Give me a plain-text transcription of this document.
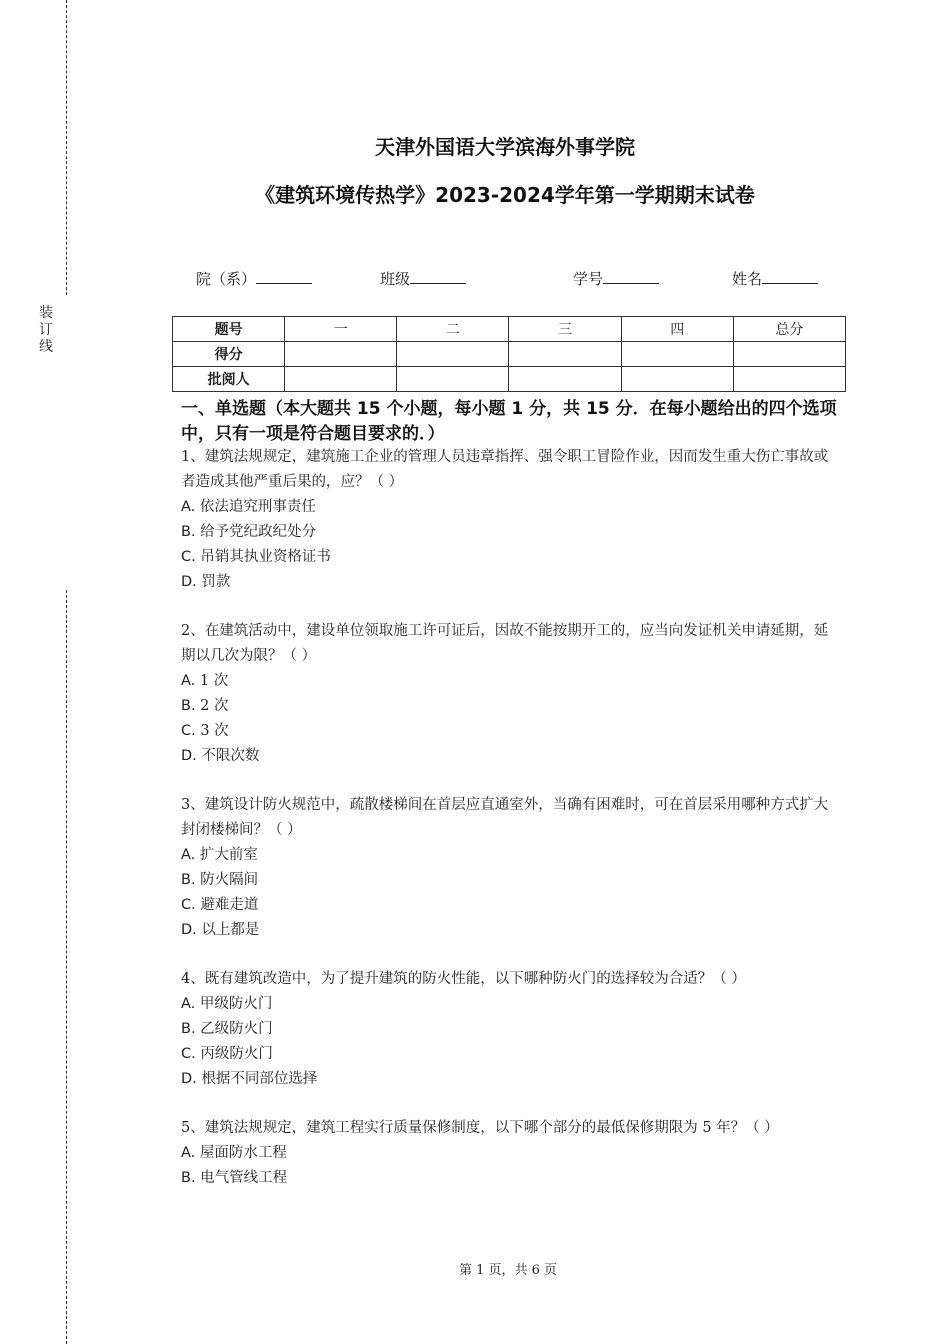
装
订
线
天津外国语大学滨海外事学院
《建筑环境传热学》2023-2024学年第一学期期末试卷
院（系）	班级	学号	姓名
题号	一	二	三	四	总分
得分					
批阅人					
一、单选题（本大题共 15 个小题，每小题 1 分，共 15 分．在每小题给出的四个选项中，只有一项是符合题目要求的．）
1、建筑法规规定，建筑施工企业的管理人员违章指挥、强令职工冒险作业，因而发生重大伤亡事故或者造成其他严重后果的，应？（ ）
A. 依法追究刑事责任
B. 给予党纪政纪处分
C. 吊销其执业资格证书
D. 罚款
2、在建筑活动中，建设单位领取施工许可证后，因故不能按期开工的，应当向发证机关申请延期，延期以几次为限？（ ）
A. 1 次
B. 2 次
C. 3 次
D. 不限次数
3、建筑设计防火规范中，疏散楼梯间在首层应直通室外，当确有困难时，可在首层采用哪种方式扩大封闭楼梯间？（ ）
A. 扩大前室
B. 防火隔间
C. 避难走道
D. 以上都是
4、既有建筑改造中，为了提升建筑的防火性能，以下哪种防火门的选择较为合适？（ ）
A. 甲级防火门
B. 乙级防火门
C. 丙级防火门
D. 根据不同部位选择
5、建筑法规规定，建筑工程实行质量保修制度，以下哪个部分的最低保修期限为 5 年？（ ）
A. 屋面防水工程
B. 电气管线工程
第 1 页，共 6 页
